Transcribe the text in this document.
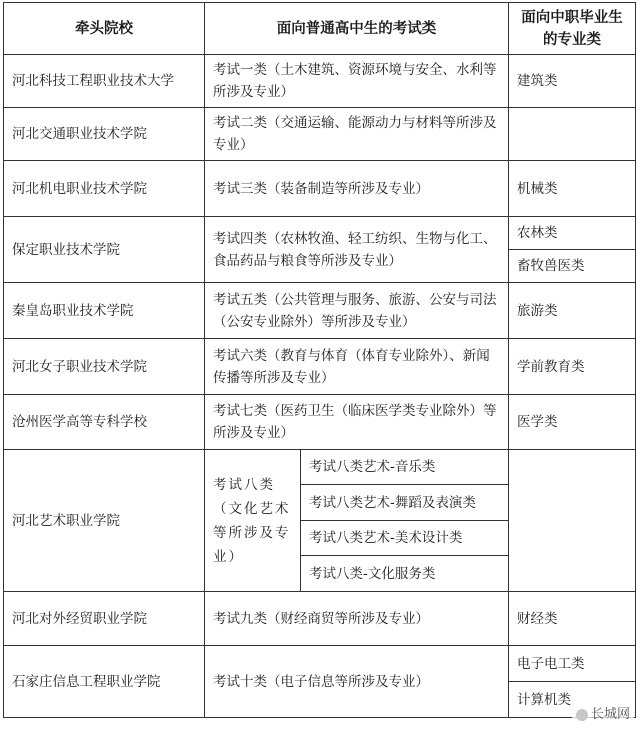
牵头院校	面向普通高中生的考试类		面向中职毕业生的专业类
河北科技工程职业技术大学	考试一类（土木建筑、资源环境与安全、水利等所涉及专业）		建筑类
河北交通职业技术学院	考试二类（交通运输、能源动力与材料等所涉及专业）		
河北机电职业技术学院	考试三类（装备制造等所涉及专业）		机械类
保定职业技术学院	考试四类（农林牧渔、轻工纺织、生物与化工、食品药品与粮食等所涉及专业）		农林类
			畜牧兽医类
秦皇岛职业技术学院	考试五类（公共管理与服务、旅游、公安与司法（公安专业除外）等所涉及专业）		旅游类
河北女子职业技术学院	考试六类（教育与体育（体育专业除外）、新闻传播等所涉及专业）		学前教育类
沧州医学高等专科学校	考试七类（医药卫生（临床医学类专业除外）等所涉及专业）		医学类
河北艺术职业学院	考试八类（文化艺术等所涉及专业）	考试八类艺术-音乐类	
		考试八类艺术-舞蹈及表演类	
		考试八类艺术-美术设计类	
		考试八类-文化服务类	
河北对外经贸职业学院	考试九类（财经商贸等所涉及专业）		财经类
石家庄信息工程职业学院	考试十类（电子信息等所涉及专业）		电子电工类
			计算机类
长城网
